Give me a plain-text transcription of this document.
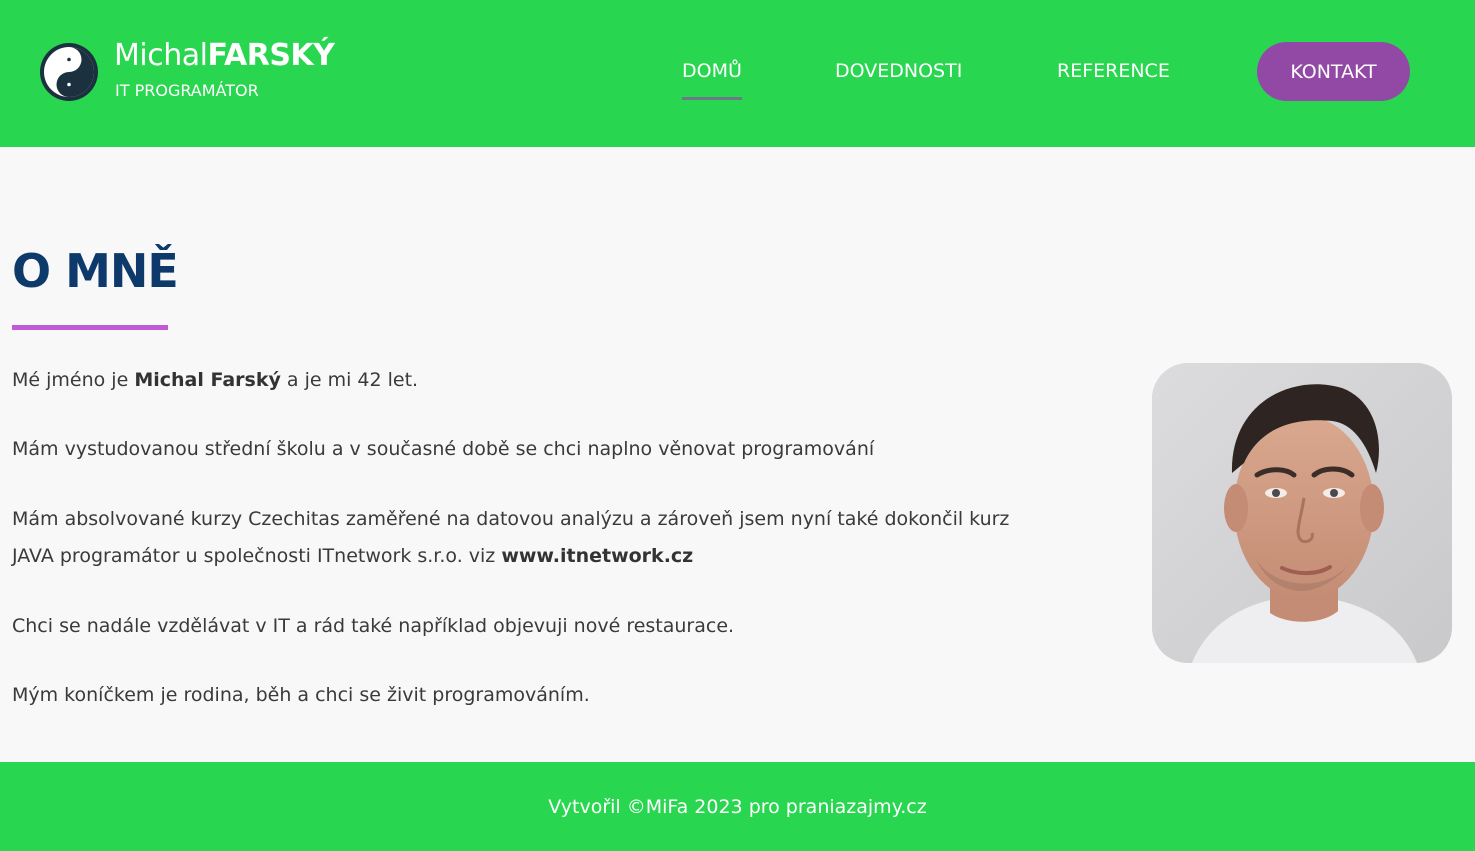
MichalFARSKÝ
IT PROGRAMÁTOR
DOMŮ	DOVEDNOSTI	REFERENCE	KONTAKT
O MNĚ

Mé jméno je Michal Farský a je mi 42 let.

Mám vystudovanou střední školu a v současné době se chci naplno věnovat programování

Mám absolvované kurzy Czechitas zaměřené na datovou analýzu a zároveň jsem nyní také dokončil kurz
JAVA programátor u společnosti ITnetwork s.r.o. viz www.itnetwork.cz

Chci se nadále vzdělávat v IT a rád také například objevuji nové restaurace.

Mým koníčkem je rodina, běh a chci se živit programováním.

Vytvořil ©MiFa 2023 pro praniazajmy.cz
